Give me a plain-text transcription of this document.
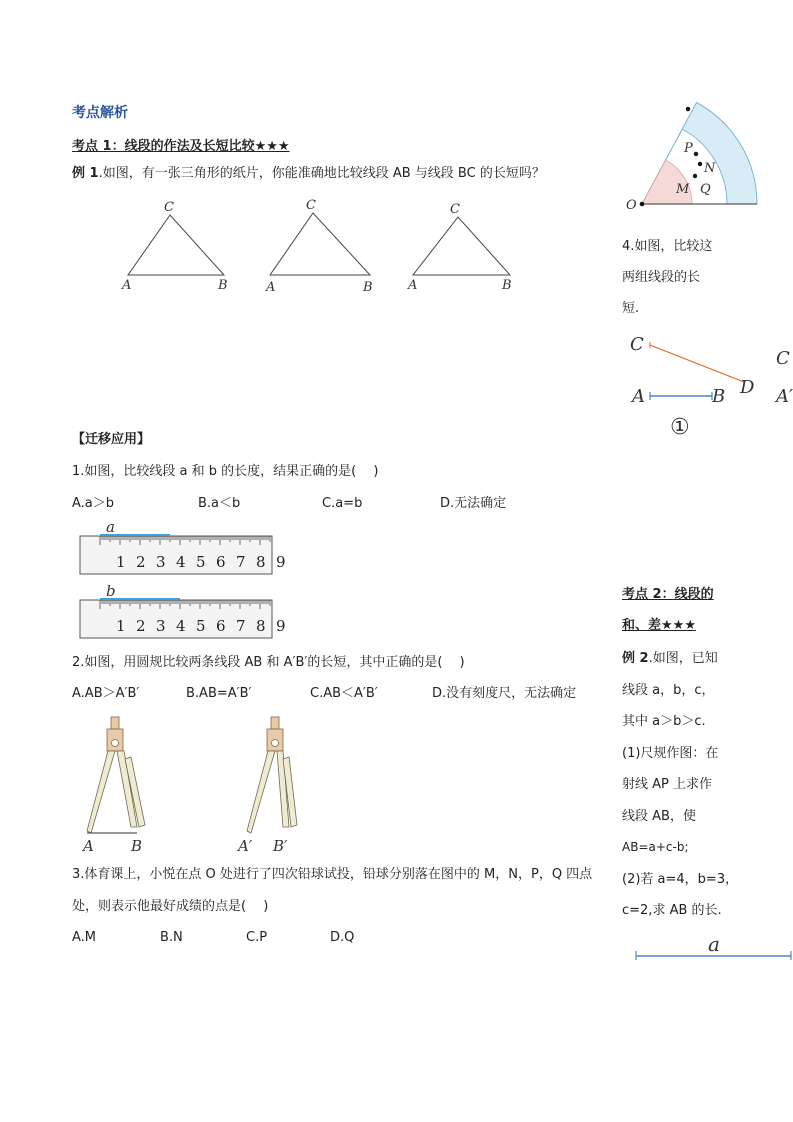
考点解析
考点 1：线段的作法及长短比较★★★
例 1.如图，有一张三角形的纸片，你能准确地比较线段 AB 与线段 BC 的长短吗？
A	B
C
A	B
C
A	B
C
【迁移应用】
1.如图，比较线段 a 和 b 的长度，结果正确的是(　 )
A.a＞b	B.a＜b	C.a=b	D.无法确定
1 2 3 4 5 6 7 8 9
a
1 2 3 4 5 6 7 8 9
b
2.如图，用圆规比较两条线段 AB 和 A′B′的长短，其中正确的是(　 )
A.AB＞A′B′	B.AB=A′B′	C.AB＜A′B′	D.没有刻度尺，无法确定
A B	A′ B′
3.体育课上，小悦在点 O 处进行了四次铅球试投，铅球分别落在图中的 M，N，P，Q 四点
处，则表示他最好成绩的点是(　 )
A.M	B.N	C.P	D.Q
O
P
N
M Q
4.如图，比较这
两组线段的长
短.
C
D
A	B
C
A′
①
考点 2：线段的
和、差★★★
例 2.如图，已知
线段 a，b，c，
其中 a＞b＞c.
(1)尺规作图：在
射线 AP 上求作
线段 AB，使
AB=a+c-b;
(2)若 a=4，b=3，
c=2,求 AB 的长.
a
